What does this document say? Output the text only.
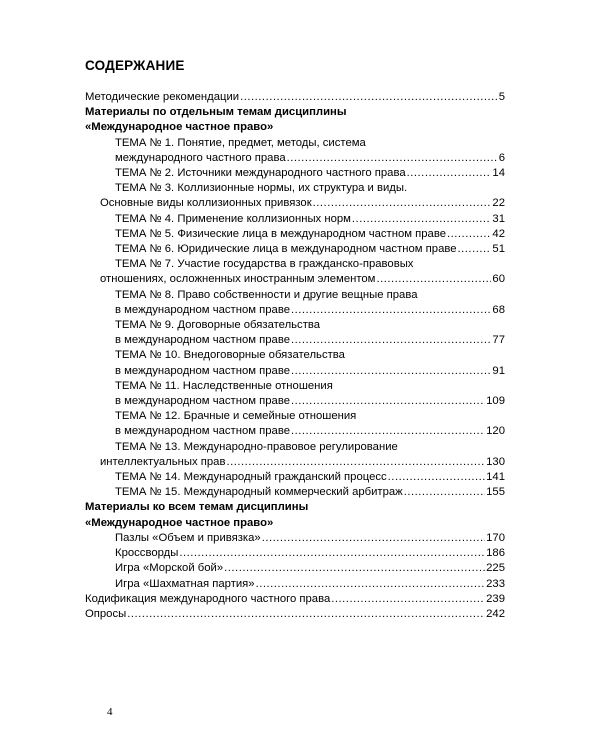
СОДЕРЖАНИЕ
Методические рекомендации .....	5
Материалы по отдельным темам дисциплины
«Международное частное право»
ТЕМА № 1. Понятие, предмет, методы, система
международного частного права .....	6
ТЕМА № 2. Источники международного частного права .....	14
ТЕМА № 3. Коллизионные нормы, их структура и виды.
Основные виды коллизионных привязок .....	22
ТЕМА № 4. Применение коллизионных норм .....	31
ТЕМА № 5. Физические лица в международном частном праве .....	42
ТЕМА № 6. Юридические лица в международном частном праве .....	51
ТЕМА № 7. Участие государства в гражданско-правовых
отношениях, осложненных иностранным элементом .....	60
ТЕМА № 8. Право собственности и другие вещные права
в международном частном праве .....	68
ТЕМА № 9. Договорные обязательства
в международном частном праве .....	77
ТЕМА № 10. Внедоговорные обязательства
в международном частном праве .....	91
ТЕМА № 11. Наследственные отношения
в международном частном праве .....	109
ТЕМА № 12. Брачные и семейные отношения
в международном частном праве .....	120
ТЕМА № 13. Международно-правовое регулирование
интеллектуальных прав .....	130
ТЕМА № 14. Международный гражданский процесс .....	141
ТЕМА № 15. Международный коммерческий арбитраж .....	155
Материалы ко всем темам дисциплины
«Международное частное право»
Пазлы «Объем и привязка» .....	170
Кроссворды .....	186
Игра «Морской бой» .....	225
Игра «Шахматная партия» .....	233
Кодификация международного частного права .....	239
Опросы .....	242
4
